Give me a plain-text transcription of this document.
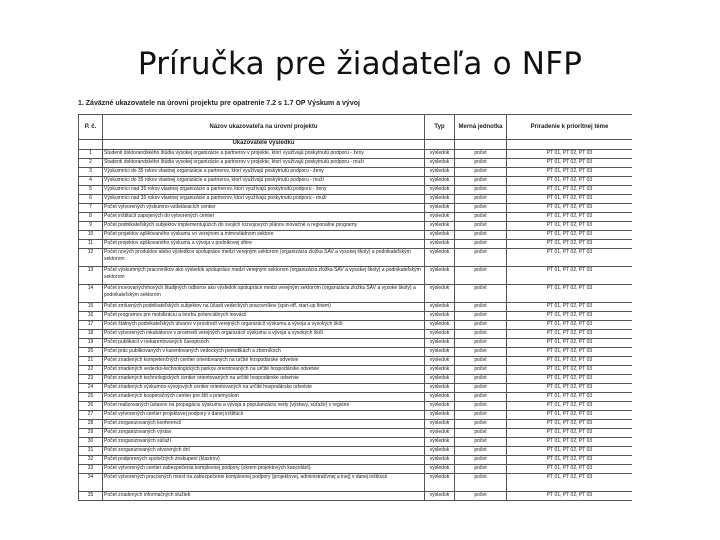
Príručka pre žiadateľa o NFP
1. Záväzné ukazovatele na úrovni projektu pre opatrenie 7.2 s 1.7 OP Výskum a vývoj
P. č.	Názov ukazovateľa na úrovni projektu	Typ	Merná jednotka	Priradenie k prioritnej téme
	Ukazovatele výsledku			
1	Študenti doktorandského štúdia vysokej organizácie a partnerov v projekte, ktorí využívajú poskytnutú podporu - ženy	výsledok	počet	PT 01, PT 02, PT 03
2	Študenti doktorandského štúdia vysokej organizácie a partnerov v projekte, ktorí využívajú poskytnutú podporu - muži	výsledok	počet	PT 01, PT 02, PT 03
3	Výskumníci do 35 rokov vlastnej organizácie a partnerov, ktorí využívajú poskytnutú podporu - ženy	výsledok	počet	PT 01, PT 02, PT 03
4	Výskumníci do 35 rokov vlastnej organizácie a partnerov, ktorí využívajú poskytnutú podporu - muži	výsledok	počet	PT 01, PT 02, PT 03
5	Výskumníci nad 35 rokov vlastnej organizácie a partnerov, ktorí využívajú poskytnutú podporu - ženy	výsledok	počet	PT 01, PT 02, PT 03
6	Výskumníci nad 35 rokov vlastnej organizácie a partnerov, ktorí využívajú poskytnutú podporu - muži	výsledok	počet	PT 01, PT 02, PT 03
7	Počet vytvorených výskumno-vzdelávacích centier	výsledok	počet	PT 01, PT 02, PT 03
8	Počet inštitúcií zapojených do vytvorených centier	výsledok	počet	PT 01, PT 02, PT 03
9	Počet podnikateľských subjektov implementujúcich do svojich rozvojových plánov inovačné a regionálne programy	výsledok	počet	PT 01, PT 02, PT 03
10	Počet projektov aplikovaného výskumu vo verejnom a mimovládnom sektore	výsledok	počet	PT 01, PT 02, PT 03
11	Počet projektov aplikovaného výskumu a vývoja v podnikovej sfére	výsledok	počet	PT 01, PT 02, PT 03
12	Počet nových produktov alebo výsledkov spolupráce medzi verejným sektorom (organizácia zložka SAV a vysokej školy) a podnikateľským sektorom	výsledok	počet	PT 01, PT 02, PT 03
13	Počet výskumných pracovníkov ako výsledok spolupráce medzi verejným sektorom (organizácia zložka SAV a vysokej školy) a podnikateľským sektorom	výsledok	počet	PT 01, PT 02, PT 03
14	Počet inovovaných/nových študijných odborov ako výsledok spolupráce medzi verejným sektorom (organizácia zložka SAV a vysoké školy) a podnikateľským sektorom	výsledok	počet	PT 01, PT 02, PT 03
15	Počet zmluvných podnikateľských subjektov na účasti vedeckých pracovníkov (spin-off, start-up firiem)	výsledok	počet	PT 01, PT 02, PT 03
16	Počet programov pre mobilizáciu a tvorbu potenciálnych inovácií	výsledok	počet	PT 01, PT 02, PT 03
17	Počet štátnych podnikateľských útvarov v prostredí verejných organizácií výskumu a vývoja a vysokých škôl	výsledok	počet	PT 01, PT 02, PT 03
18	Počet vytvorených inkubátorov v prostredí verejných organizácií výskumu a vývoja a vysokých škôl	výsledok	počet	PT 01, PT 02, PT 03
19	Počet publikácií v nekarentovaných časopisoch	výsledok	počet	PT 01, PT 02, PT 03
20	Počet prác publikovaných v karentovaných vedeckých periodikách a zborníkoch	výsledok	počet	PT 01, PT 02, PT 03
21	Počet zriadených kompetenčných centier orientovaných na určité hospodárske odvetvie	výsledok	počet	PT 01, PT 02, PT 03
22	Počet zriadených vedecko-technologických parkov orientovaných na určité hospodárske odvetvie	výsledok	počet	PT 01, PT 02, PT 03
23	Počet zriadených technologických centier orientovaných na určité hospodárske odvetvie	výsledok	počet	PT 01, PT 02, PT 03
24	Počet zriadených výskumno-vývojových centier orientovaných na určité hospodárske odvetvie	výsledok	počet	PT 01, PT 02, PT 03
25	Počet zriadených kooperačných centier pre štít s priemyslom	výsledok	počet	PT 01, PT 02, PT 03
26	Počet realizovaných ústavov na propagáciu výskumu a vývoja a popularizáciu vedy (výstavy, súťaže) v regióne	výsledok	počet	PT 01, PT 02, PT 03
27	Počet vytvorených centier projektovej podpory v danej inštitúcii	výsledok	počet	PT 01, PT 02, PT 03
28	Počet zorganizovaných konferencií	výsledok	počet	PT 01, PT 02, PT 03
29	Počet zorganizovaných výstav	výsledok	počet	PT 01, PT 02, PT 03
30	Počet zorganizovaných súťaží	výsledok	počet	PT 01, PT 02, PT 03
31	Počet zorganizovaných otvorených dní	výsledok	počet	PT 01, PT 02, PT 03
32	Počet podporených spoločných zoskupení (klastrov)	výsledok	počet	PT 01, PT 02, PT 03
33	Počet vytvorených centier zabezpečenia komplexnej podpory (okrem projektových kancelárií)	výsledok	počet	PT 01, PT 02, PT 03
34	Počet vytvorených pracovných miest na zabezpečenie komplexnej podpory (projektovej, administratívnej a inej) v danej inštitúcii	výsledok	počet	PT 01, PT 02, PT 03
35	Počet zriadených informačných služieb	výsledok	počet	PT 01, PT 02, PT 03
